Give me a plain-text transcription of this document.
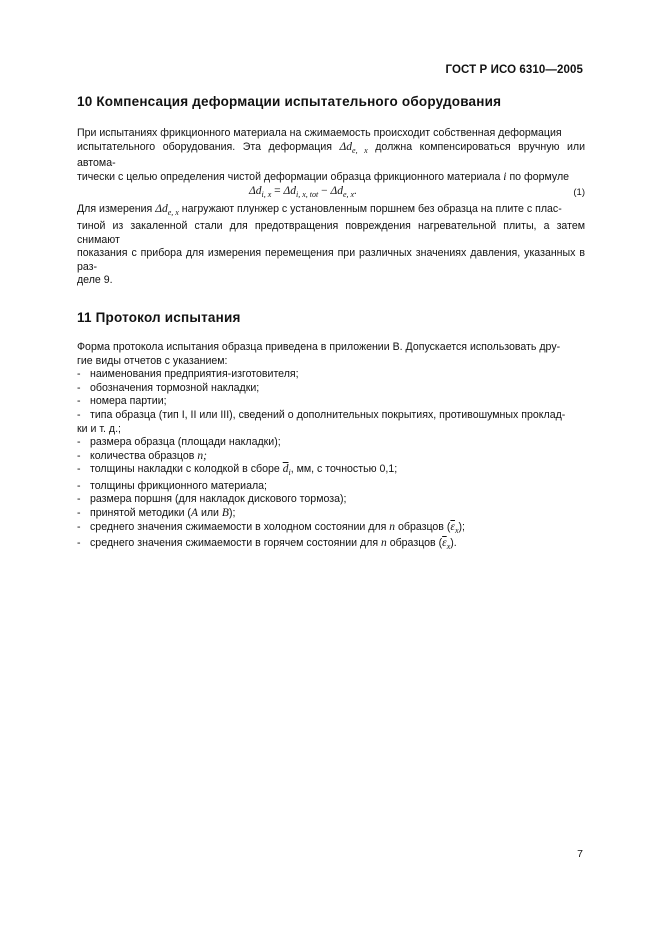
ГОСТ Р ИСО 6310—2005
10 Компенсация деформации испытательного оборудования

При испытаниях фрикционного материала на сжимаемость происходит собственная деформация
испытательного оборудования. Эта деформация $\Delta d_{e, x}$ должна компенсироваться вручную или автома-
тически с целью определения чистой деформации образца фрикционного материала i по формуле

$\Delta d_{i, x} = \Delta d_{i, x, tot} - \Delta d_{e, x}$.	(1)

Для измерения $\Delta d_{e, x}$ нагружают плунжер с установленным поршнем без образца на плите с плас-
тиной из закаленной стали для предотвращения повреждения нагревательной плиты, а затем снимают
показания с прибора для измерения перемещения при различных значениях давления, указанных в раз-
деле 9.

11 Протокол испытания

Форма протокола испытания образца приведена в приложении В. Допускается использовать дру-
гие виды отчетов с указанием:

- наименования предприятия-изготовителя;
- обозначения тормозной накладки;
- номера партии;
- типа образца (тип I, II или III), сведений о дополнительных покрытиях, противошумных проклад-
ки и т. д.;
- размера образца (площади накладки);
- количества образцов n;
- толщины накладки с колодкой в сборе $\overline{d}_i$, мм, с точностью 0,1;
- толщины фрикционного материала;
- размера поршня (для накладок дискового тормоза);
- принятой методики (A или B);
- среднего значения сжимаемости в холодном состоянии для n образцов $(\overline{\varepsilon}_x)$;
- среднего значения сжимаемости в горячем состоянии для n образцов $(\overline{\varepsilon}_x)$.
7
